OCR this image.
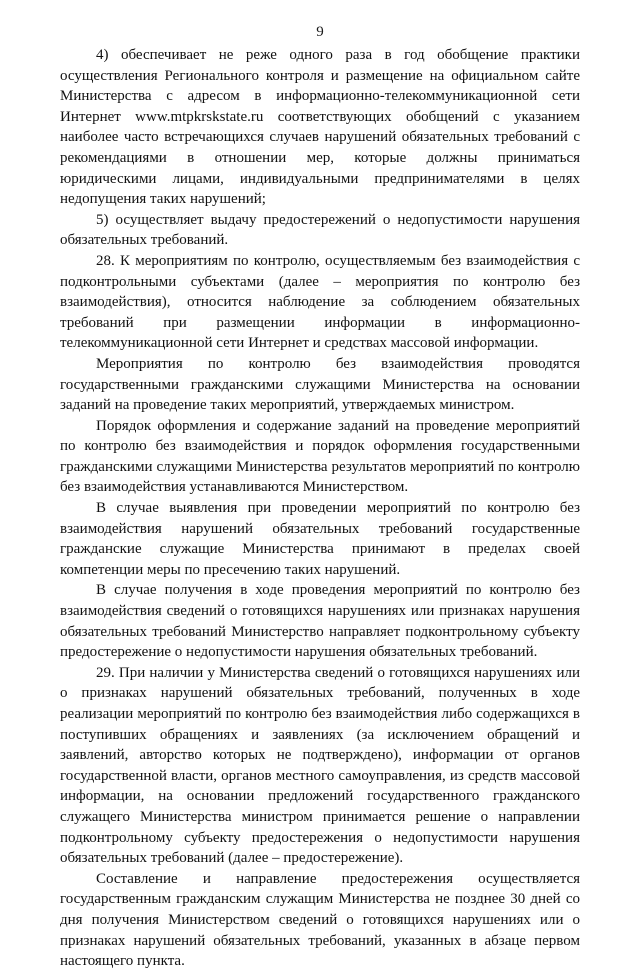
9

4) обеспечивает не реже одного раза в год обобщение практики осуществления Регионального контроля и размещение на официальном сайте Министерства с адресом в информационно-телекоммуникационной сети Интернет www.mtpkrskstate.ru соответствующих обобщений с указанием наиболее часто встречающихся случаев нарушений обязательных требований с рекомендациями в отношении мер, которые должны приниматься юридическими лицами, индивидуальными предпринимателями в целях недопущения таких нарушений;

5) осуществляет выдачу предостережений о недопустимости нарушения обязательных требований.

28. К мероприятиям по контролю, осуществляемым без взаимодействия с подконтрольными субъектами (далее – мероприятия по контролю без взаимодействия), относится наблюдение за соблюдением обязательных требований при размещении информации в информационно-телекоммуникационной сети Интернет и средствах массовой информации.

Мероприятия по контролю без взаимодействия проводятся государственными гражданскими служащими Министерства на основании заданий на проведение таких мероприятий, утверждаемых министром.

Порядок оформления и содержание заданий на проведение мероприятий по контролю без взаимодействия и порядок оформления государственными гражданскими служащими Министерства результатов мероприятий по контролю без взаимодействия устанавливаются Министерством.

В случае выявления при проведении мероприятий по контролю без взаимодействия нарушений обязательных требований государственные гражданские служащие Министерства принимают в пределах своей компетенции меры по пресечению таких нарушений.

В случае получения в ходе проведения мероприятий по контролю без взаимодействия сведений о готовящихся нарушениях или признаках нарушения обязательных требований Министерство направляет подконтрольному субъекту предостережение о недопустимости нарушения обязательных требований.

29. При наличии у Министерства сведений о готовящихся нарушениях или о признаках нарушений обязательных требований, полученных в ходе реализации мероприятий по контролю без взаимодействия либо содержащихся в поступивших обращениях и заявлениях (за исключением обращений и заявлений, авторство которых не подтверждено), информации от органов государственной власти, органов местного самоуправления, из средств массовой информации, на основании предложений государственного гражданского служащего Министерства министром принимается решение о направлении подконтрольному субъекту предостережения о недопустимости нарушения обязательных требований (далее – предостережение).

Составление и направление предостережения осуществляется государственным гражданским служащим Министерства не позднее 30 дней со дня получения Министерством сведений о готовящихся нарушениях или о признаках нарушений обязательных требований, указанных в абзаце первом настоящего пункта.
